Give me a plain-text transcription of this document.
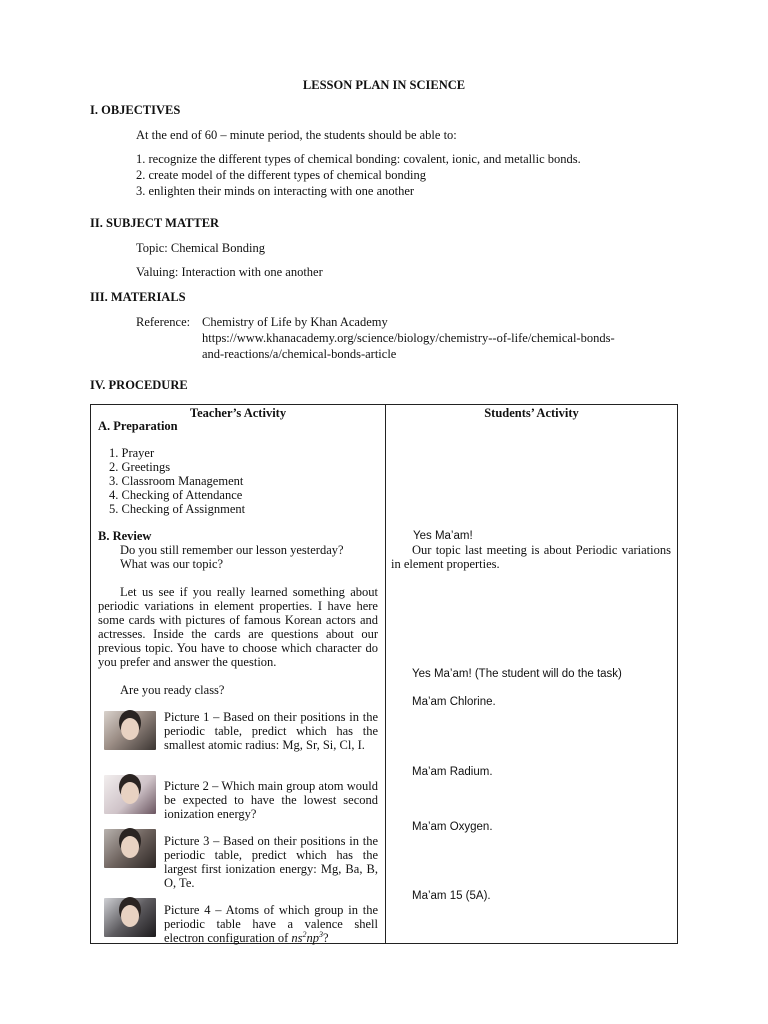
LESSON PLAN IN SCIENCE
I. OBJECTIVES
At the end of 60 – minute period, the students should be able to:
1. recognize the different types of chemical bonding: covalent, ionic, and metallic bonds.
2. create model of the different types of chemical bonding
3. enlighten their minds on interacting with one another
II. SUBJECT MATTER
Topic: Chemical Bonding
Valuing: Interaction with one another
III. MATERIALS
Reference: Chemistry of Life by Khan Academy
https://www.khanacademy.org/science/biology/chemistry--of-life/chemical-bonds-
and-reactions/a/chemical-bonds-article
IV. PROCEDURE
Teacher’s Activity
A. Preparation
1. Prayer
2. Greetings
3. Classroom Management
4. Checking of Attendance
5. Checking of Assignment
B. Review
Do you still remember our lesson yesterday?
What was our topic?
Let us see if you really learned something about periodic variations in element properties. I have here some cards with pictures of famous Korean actors and actresses. Inside the cards are questions about our previous topic. You have to choose which character do you prefer and answer the question.
Are you ready class?
Picture 1 – Based on their positions in the periodic table, predict which has the smallest atomic radius: Mg, Sr, Si, Cl, I.
Picture 2 – Which main group atom would be expected to have the lowest second ionization energy?
Picture 3 – Based on their positions in the periodic table, predict which has the largest first ionization energy: Mg, Ba, B, O, Te.
Picture 4 – Atoms of which group in the periodic table have a valence shell electron configuration of $ns^2np^3$?
Students’ Activity
Yes Ma’am!
Our topic last meeting is about Periodic variations in element properties.
Yes Ma’am! (The student will do the task)
Ma’am Chlorine.
Ma’am Radium.
Ma’am Oxygen.
Ma’am 15 (5A).
